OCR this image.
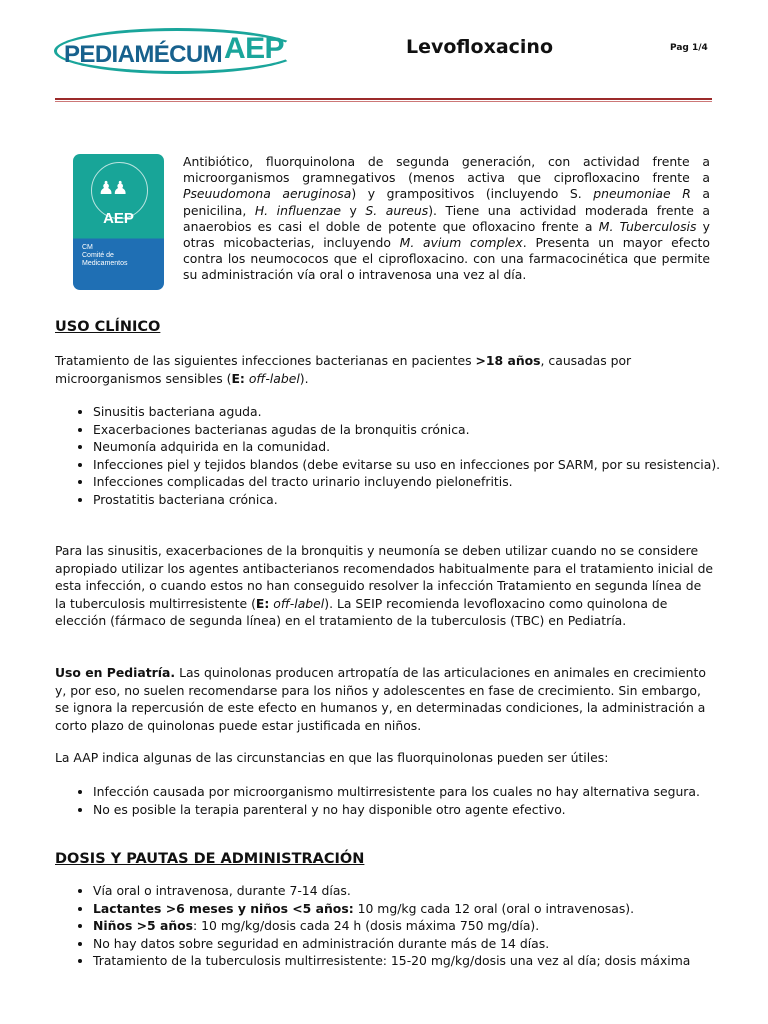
PEDIAMÉCUMAEP	Levofloxacino	Pag 1/4
♟♟
AEP
CM
Comité de
Medicamentos

Antibiótico, fluorquinolona de segunda generación, con actividad frente a microorganismos gramnegativos (menos activa que ciprofloxacino frente a Pseuudomona aeruginosa) y grampositivos (incluyendo S. pneumoniae R a penicilina, H. influenzae y S. aureus). Tiene una actividad moderada frente a anaerobios es casi el doble de potente que ofloxacino frente a M. Tuberculosis y otras micobacterias, incluyendo M. avium complex. Presenta un mayor efecto contra los neumococos que el ciprofloxacino. con una farmacocinética que permite su administración vía oral o intravenosa una vez al día.

USO CLÍNICO

Tratamiento de las siguientes infecciones bacterianas en pacientes >18 años, causadas por microorganismos sensibles (E: off-label).

• Sinusitis bacteriana aguda.
• Exacerbaciones bacterianas agudas de la bronquitis crónica.
• Neumonía adquirida en la comunidad.
• Infecciones piel y tejidos blandos (debe evitarse su uso en infecciones por SARM, por su resistencia).
• Infecciones complicadas del tracto urinario incluyendo pielonefritis.
• Prostatitis bacteriana crónica.

Para las sinusitis, exacerbaciones de la bronquitis y neumonía se deben utilizar cuando no se considere apropiado utilizar los agentes antibacterianos recomendados habitualmente para el tratamiento inicial de esta infección, o cuando estos no han conseguido resolver la infección Tratamiento en segunda línea de la tuberculosis multirresistente (E: off-label). La SEIP recomienda levofloxacino como quinolona de elección (fármaco de segunda línea) en el tratamiento de la tuberculosis (TBC) en Pediatría.

Uso en Pediatría. Las quinolonas producen artropatía de las articulaciones en animales en crecimiento y, por eso, no suelen recomendarse para los niños y adolescentes en fase de crecimiento. Sin embargo, se ignora la repercusión de este efecto en humanos y, en determinadas condiciones, la administración a corto plazo de quinolonas puede estar justificada en niños.

La AAP indica algunas de las circunstancias en que las fluorquinolonas pueden ser útiles:
• Infección causada por microorganismo multirresistente para los cuales no hay alternativa segura.
• No es posible la terapia parenteral y no hay disponible otro agente efectivo.
DOSIS Y PAUTAS DE ADMINISTRACIÓN
• Vía oral o intravenosa, durante 7-14 días.
• Lactantes >6 meses y niños <5 años: 10 mg/kg cada 12 oral (oral o intravenosas).
• Niños >5 años: 10 mg/kg/dosis cada 24 h (dosis máxima 750 mg/día).
• No hay datos sobre seguridad en administración durante más de 14 días.
• Tratamiento de la tuberculosis multirresistente: 15-20 mg/kg/dosis una vez al día; dosis máxima
